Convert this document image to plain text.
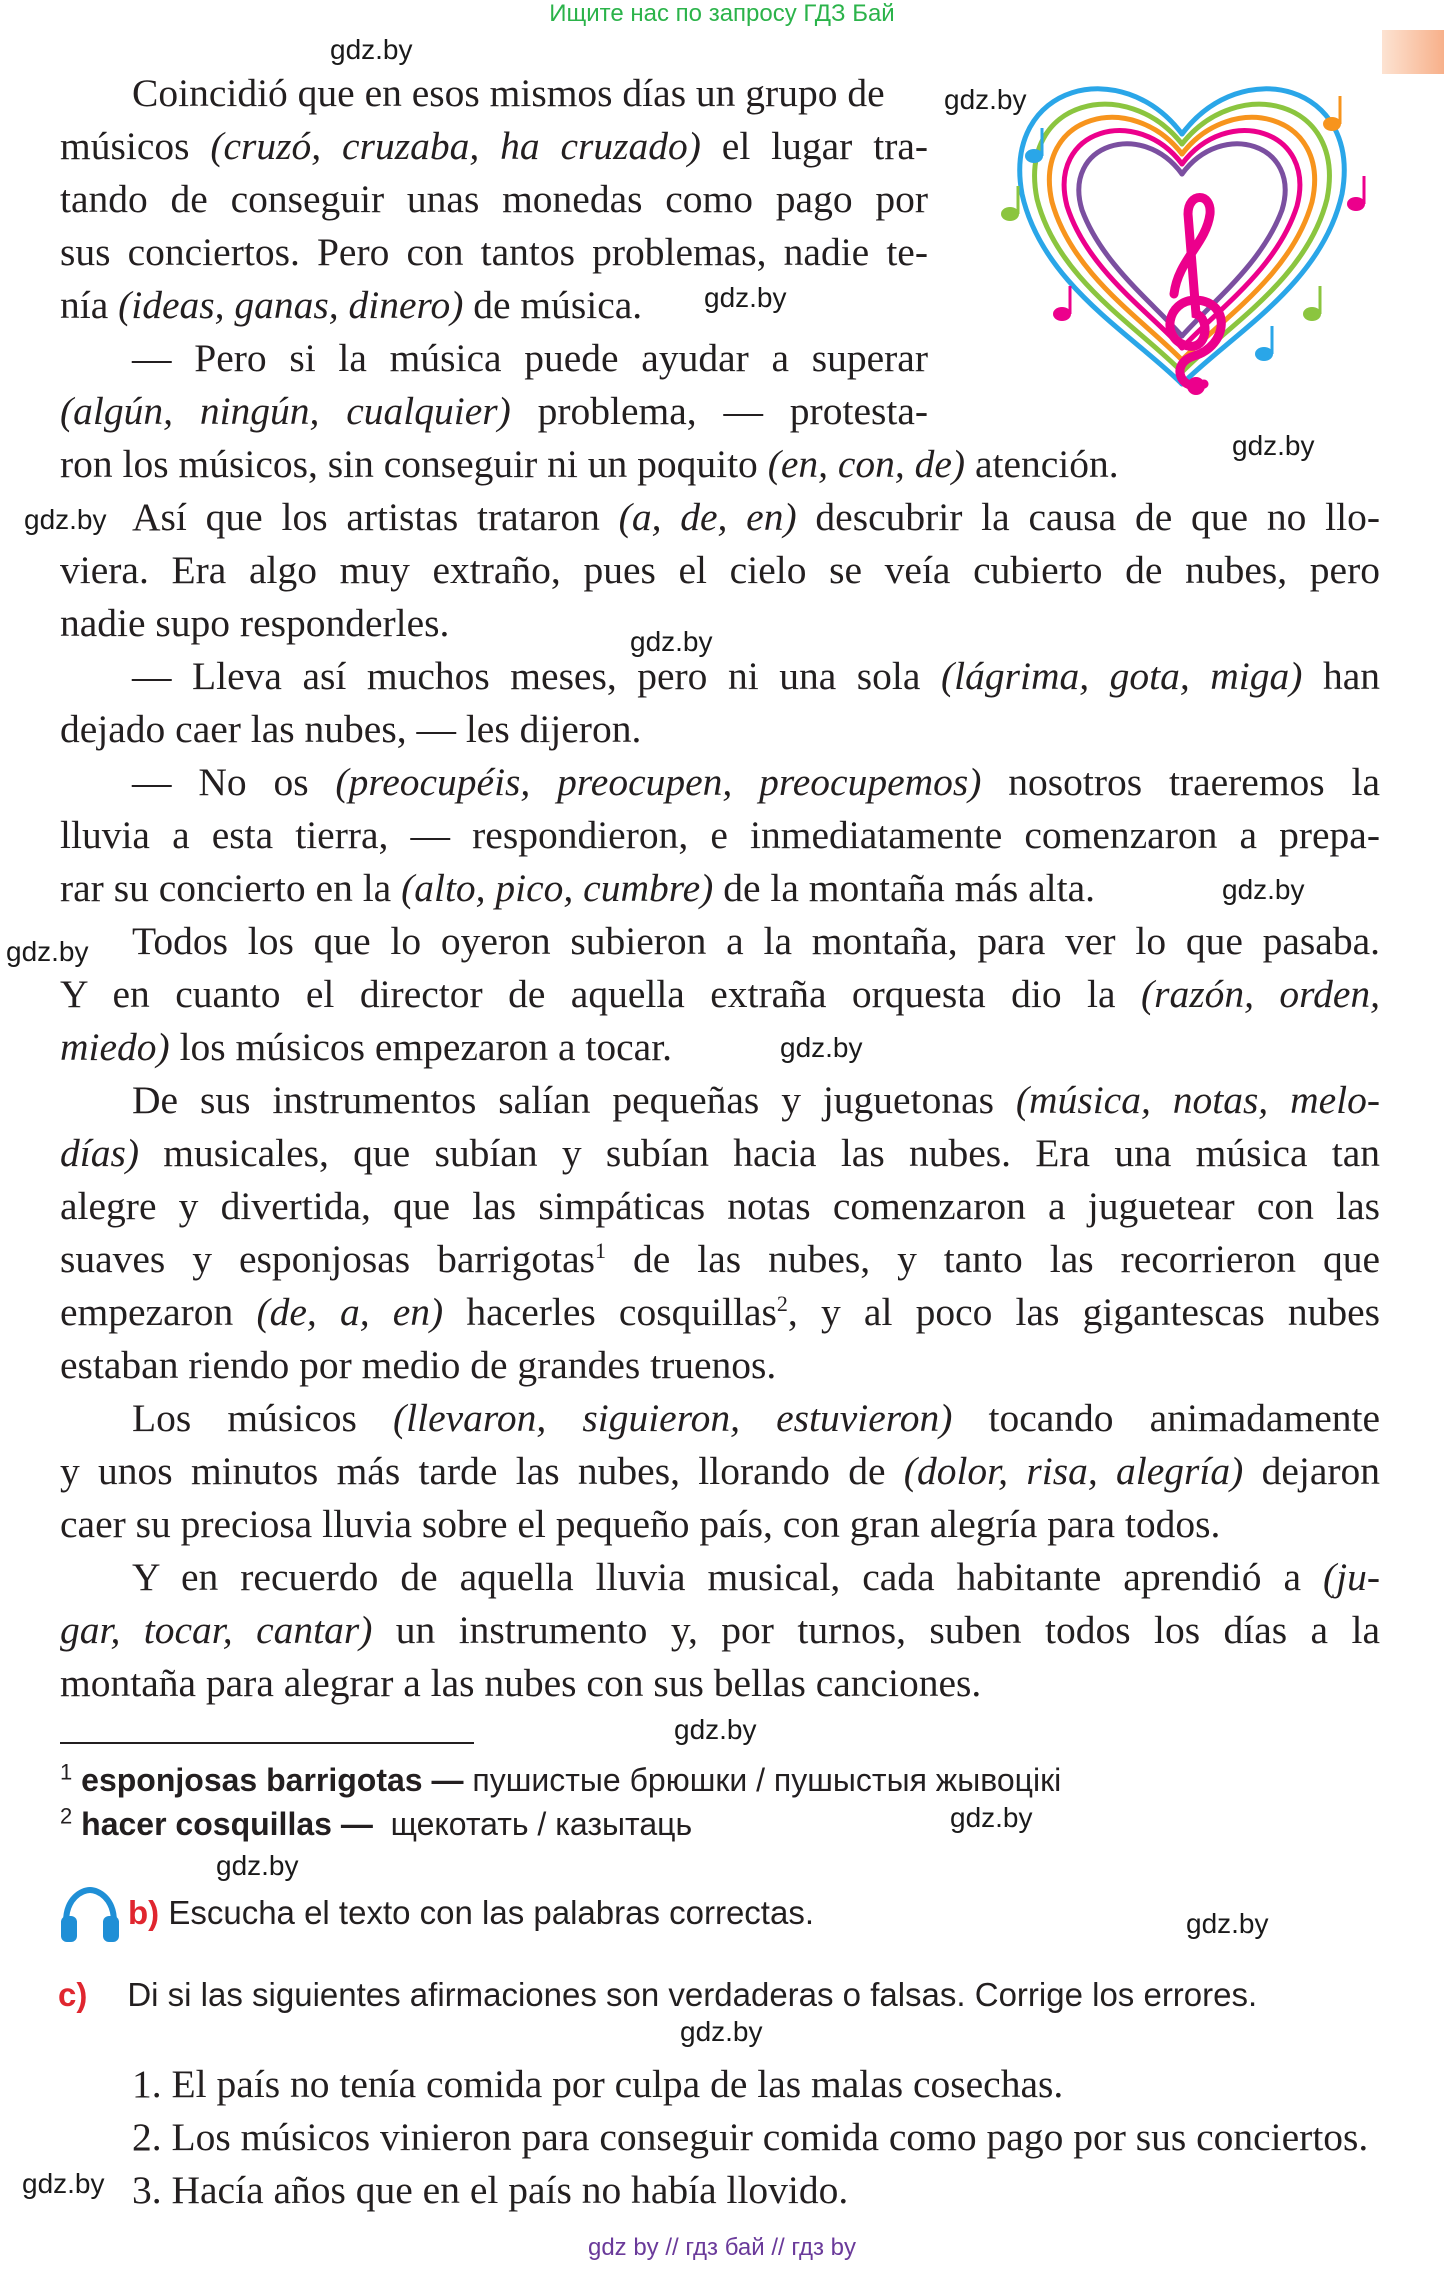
Ищите нас по запросу ГДЗ Бай
gdz.by
gdz.by
gdz.by
gdz.by
gdz.by
gdz.by
gdz.by
gdz.by
gdz.by
gdz.by
gdz.by
gdz.by
gdz.by
gdz.by
gdz.by
Coincidió que en esos mismos días un grupo de
músicos (cruzó, cruzaba, ha cruzado) el lugar tra-
tando de conseguir unas monedas como pago por
sus conciertos. Pero con tantos problemas, nadie te-
nía (ideas, ganas, dinero) de música.
— Pero si la música puede ayudar a superar
(algún, ningún, cualquier) problema, — protesta-
ron los músicos, sin conseguir ni un poquito (en, con, de) atención.
Así que los artistas trataron (a, de, en) descubrir la causa de que no llo-
viera. Era algo muy extraño, pues el cielo se veía cubierto de nubes, pero
nadie supo responderles.
— Lleva así muchos meses, pero ni una sola (lágrima, gota, miga) han
dejado caer las nubes, — les dijeron.
— No os (preocupéis, preocupen, preocupemos) nosotros traeremos la
lluvia a esta tierra, — respondieron, e inmediatamente comenzaron a prepa-
rar su concierto en la (alto, pico, cumbre) de la montaña más alta.
Todos los que lo oyeron subieron a la montaña, para ver lo que pasaba.
Y en cuanto el director de aquella extraña orquesta dio la (razón, orden,
miedo) los músicos empezaron a tocar.
De sus instrumentos salían pequeñas y juguetonas (música, notas, melo-
días) musicales, que subían y subían hacia las nubes. Era una música tan
alegre y divertida, que las simpáticas notas comenzaron a juguetear con las
suaves y esponjosas barrigotas$^1$ de las nubes, y tanto las recorrieron que
empezaron (de, a, en) hacerles cosquillas$^2$, y al poco las gigantescas nubes
estaban riendo por medio de grandes truenos.
Los músicos (llevaron, siguieron, estuvieron) tocando animadamente
y unos minutos más tarde las nubes, llorando de (dolor, risa, alegría) dejaron
caer su preciosa lluvia sobre el pequeño país, con gran alegría para todos.
Y en recuerdo de aquella lluvia musical, cada habitante aprendió a (ju-
gar, tocar, cantar) un instrumento y, por turnos, suben todos los días a la
montaña para alegrar a las nubes con sus bellas canciones.
$^1$ esponjosas barrigotas — пушистые брюшки / пушыстыя жывоцікі
$^2$ hacer cosquillas — щекотать / казытаць
b) Escucha el texto con las palabras correctas.
c) Di si las siguientes afirmaciones son verdaderas o falsas. Corrige los errores.
1. El país no tenía comida por culpa de las malas cosechas.
2. Los músicos vinieron para conseguir comida como pago por sus conciertos.
3. Hacía años que en el país no había llovido.
gdz by // гдз бай // гдз by
